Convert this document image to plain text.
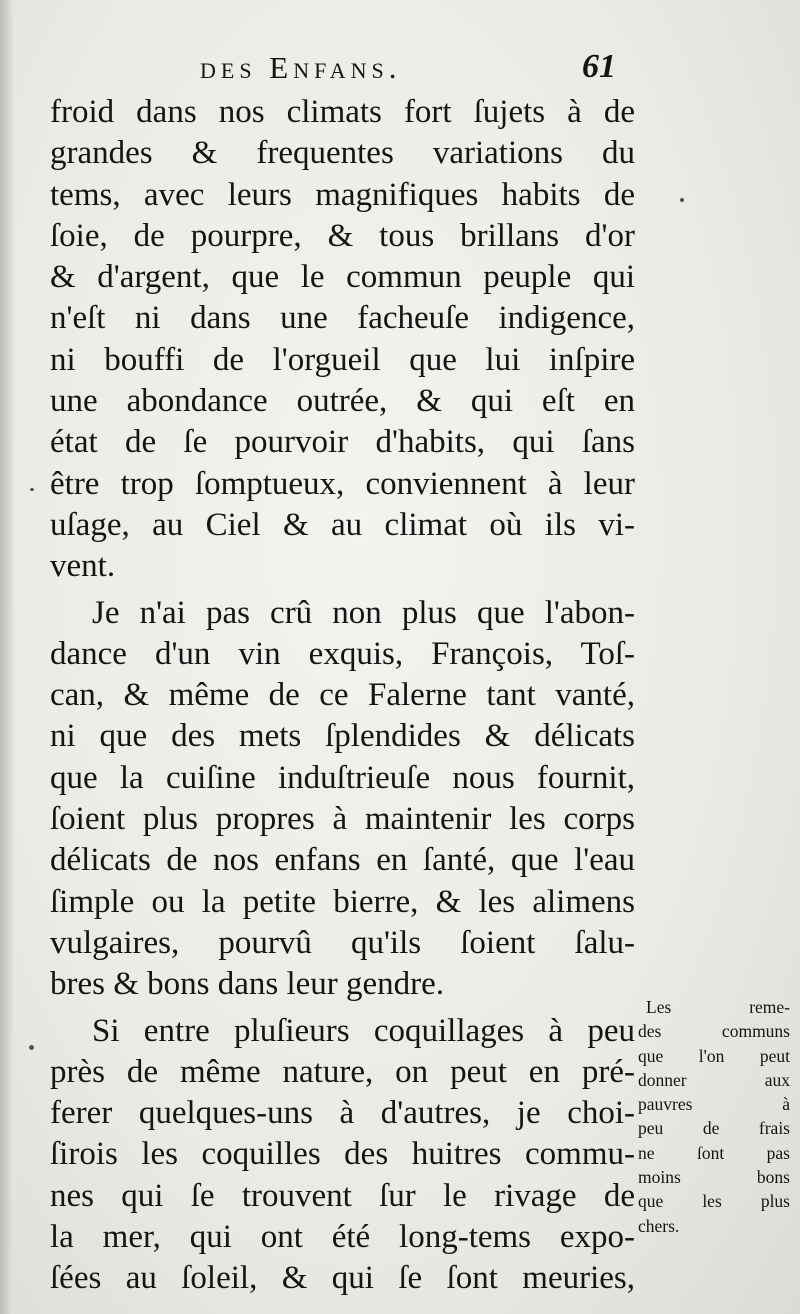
des Enfans.	61
froid dans nos climats fort ſujets à de
grandes & frequentes variations du
tems, avec leurs magnifiques habits de
ſoie, de pourpre, & tous brillans d'or
& d'argent, que le commun peuple qui
n'eſt ni dans une facheuſe indigence,
ni bouffi de l'orgueil que lui inſpire
une abondance outrée, & qui eſt en
état de ſe pourvoir d'habits, qui ſans
être trop ſomptueux, conviennent à leur
uſage, au Ciel & au climat où ils vi-
vent.
Je n'ai pas crû non plus que l'abon-
dance d'un vin exquis, François, Toſ-
can, & même de ce Falerne tant vanté,
ni que des mets ſplendides & délicats
que la cuiſine induſtrieuſe nous fournit,
ſoient plus propres à maintenir les corps
délicats de nos enfans en ſanté, que l'eau
ſimple ou la petite bierre, & les alimens
vulgaires, pourvû qu'ils ſoient ſalu-
bres & bons dans leur gendre.
Si entre pluſieurs coquillages à peu
près de même nature, on peut en pré-
ferer quelques-uns à d'autres, je choi-
ſirois les coquilles des huitres commu-
nes qui ſe trouvent ſur le rivage de
la mer, qui ont été long-tems expo-
ſées au ſoleil, & qui ſe ſont meuries,
Les reme-
des communs
que l'on peut
donner aux
pauvres à
peu de frais
ne ſont pas
moins bons
que les plus
chers.
